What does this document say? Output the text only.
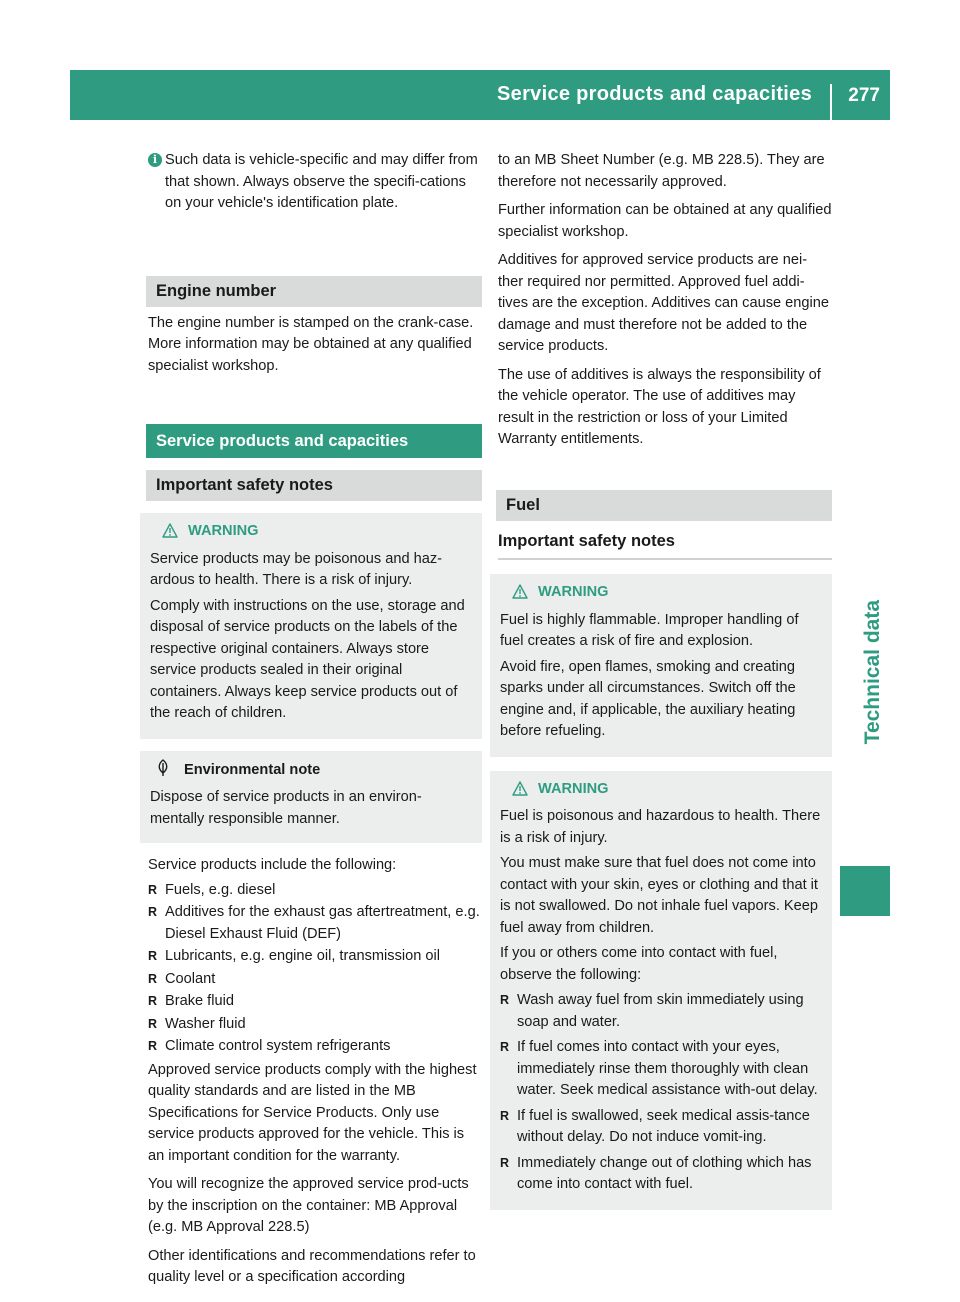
Service products and capacities 277
Technical data
i Such data is vehicle-specific and may differ from that shown. Always observe the specifi-cations on your vehicle's identification plate.

Engine number

The engine number is stamped on the crank-case. More information may be obtained at any qualified specialist workshop.

Service products and capacities
Important safety notes
WARNING

Service products may be poisonous and haz-ardous to health. There is a risk of injury.

Comply with instructions on the use, storage and disposal of service products on the labels of the respective original containers. Always store service products sealed in their original containers. Always keep service products out of the reach of children.

Environmental note

Dispose of service products in an environ-mentally responsible manner.

Service products include the following:

R Fuels, e.g. diesel
R Additives for the exhaust gas aftertreatment, e.g. Diesel Exhaust Fluid (DEF)
R Lubricants, e.g. engine oil, transmission oil
R Coolant
R Brake fluid
R Washer fluid
R Climate control system refrigerants

Approved service products comply with the highest quality standards and are listed in the MB Specifications for Service Products. Only use service products approved for the vehicle. This is an important condition for the warranty.

You will recognize the approved service prod-ucts by the inscription on the container: MB Approval (e.g. MB Approval 228.5)

Other identifications and recommendations refer to quality level or a specification according

to an MB Sheet Number (e.g. MB 228.5). They are therefore not necessarily approved.

Further information can be obtained at any qualified specialist workshop.

Additives for approved service products are nei-ther required nor permitted. Approved fuel addi-tives are the exception. Additives can cause engine damage and must therefore not be added to the service products.

The use of additives is always the responsibility of the vehicle operator. The use of additives may result in the restriction or loss of your Limited Warranty entitlements.

Fuel
Important safety notes
WARNING

Fuel is highly flammable. Improper handling of fuel creates a risk of fire and explosion.

Avoid fire, open flames, smoking and creating sparks under all circumstances. Switch off the engine and, if applicable, the auxiliary heating before refueling.

WARNING

Fuel is poisonous and hazardous to health. There is a risk of injury.

You must make sure that fuel does not come into contact with your skin, eyes or clothing and that it is not swallowed. Do not inhale fuel vapors. Keep fuel away from children.

If you or others come into contact with fuel, observe the following:

R Wash away fuel from skin immediately using soap and water.
R If fuel comes into contact with your eyes, immediately rinse them thoroughly with clean water. Seek medical assistance with-out delay.
R If fuel is swallowed, seek medical assis-tance without delay. Do not induce vomit-ing.
R Immediately change out of clothing which has come into contact with fuel.
